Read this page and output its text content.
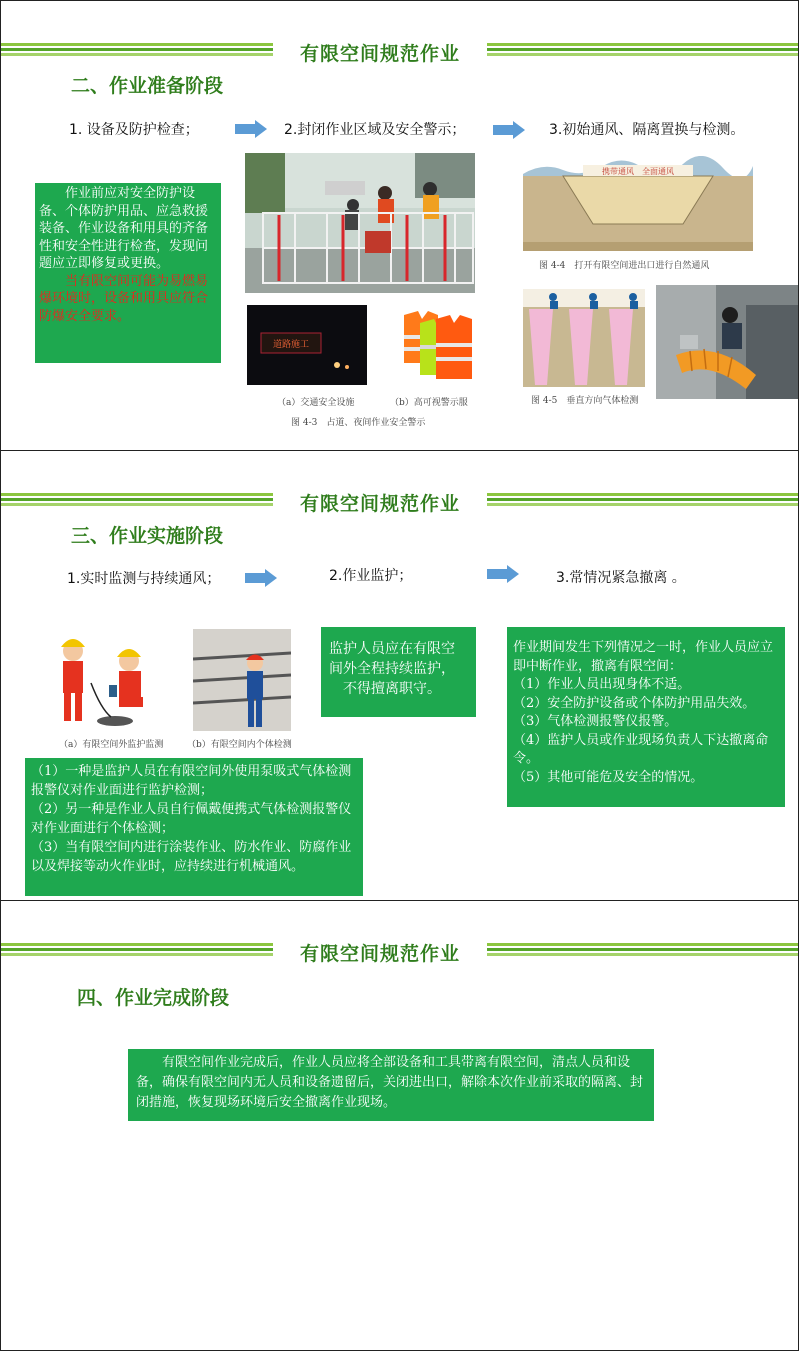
有限空间规范作业
二、作业准备阶段
1. 设备及防护检查；	2.封闭作业区域及安全警示；	3.初始通风、隔离置换与检测。
　　作业前应对安全防护设备、个体防护用品、应急救援装备、作业设备和用具的齐备性和安全性进行检查，发现问题应立即修复或更换。
　　当有限空间可能为易燃易爆环境时，设备和用具应符合防爆安全要求。
道路施工
（a）交通安全设施	（b）高可视警示服
图 4-3　占道、夜间作业安全警示
携带通风　全面通风
图 4-4　打开有限空间进出口进行自然通风
图 4-5　垂直方向气体检测
有限空间规范作业
三、作业实施阶段
1.实时监测与持续通风；	2.作业监护；	3.常情况紧急撤离 。
（a）有限空间外监护监测	（b）有限空间内个体检测
（1）一种是监护人员在有限空间外使用泵吸式气体检测报警仪对作业面进行监护检测；
（2）另一种是作业人员自行佩戴便携式气体检测报警仪对作业面进行个体检测；
（3）当有限空间内进行涂装作业、防水作业、防腐作业以及焊接等动火作业时，应持续进行机械通风。
监护人员应在有限空间外全程持续监护，
　不得擅离职守。
作业期间发生下列情况之一时，作业人员应立即中断作业，撤离有限空间：
（1）作业人员出现身体不适。
（2）安全防护设备或个体防护用品失效。
（3）气体检测报警仪报警。
（4）监护人员或作业现场负责人下达撤离命令。
（5）其他可能危及安全的情况。
有限空间规范作业
四、作业完成阶段
　　有限空间作业完成后，作业人员应将全部设备和工具带离有限空间，清点人员和设备，确保有限空间内无人员和设备遗留后，关闭进出口，解除本次作业前采取的隔离、封闭措施，恢复现场环境后安全撤离作业现场。
